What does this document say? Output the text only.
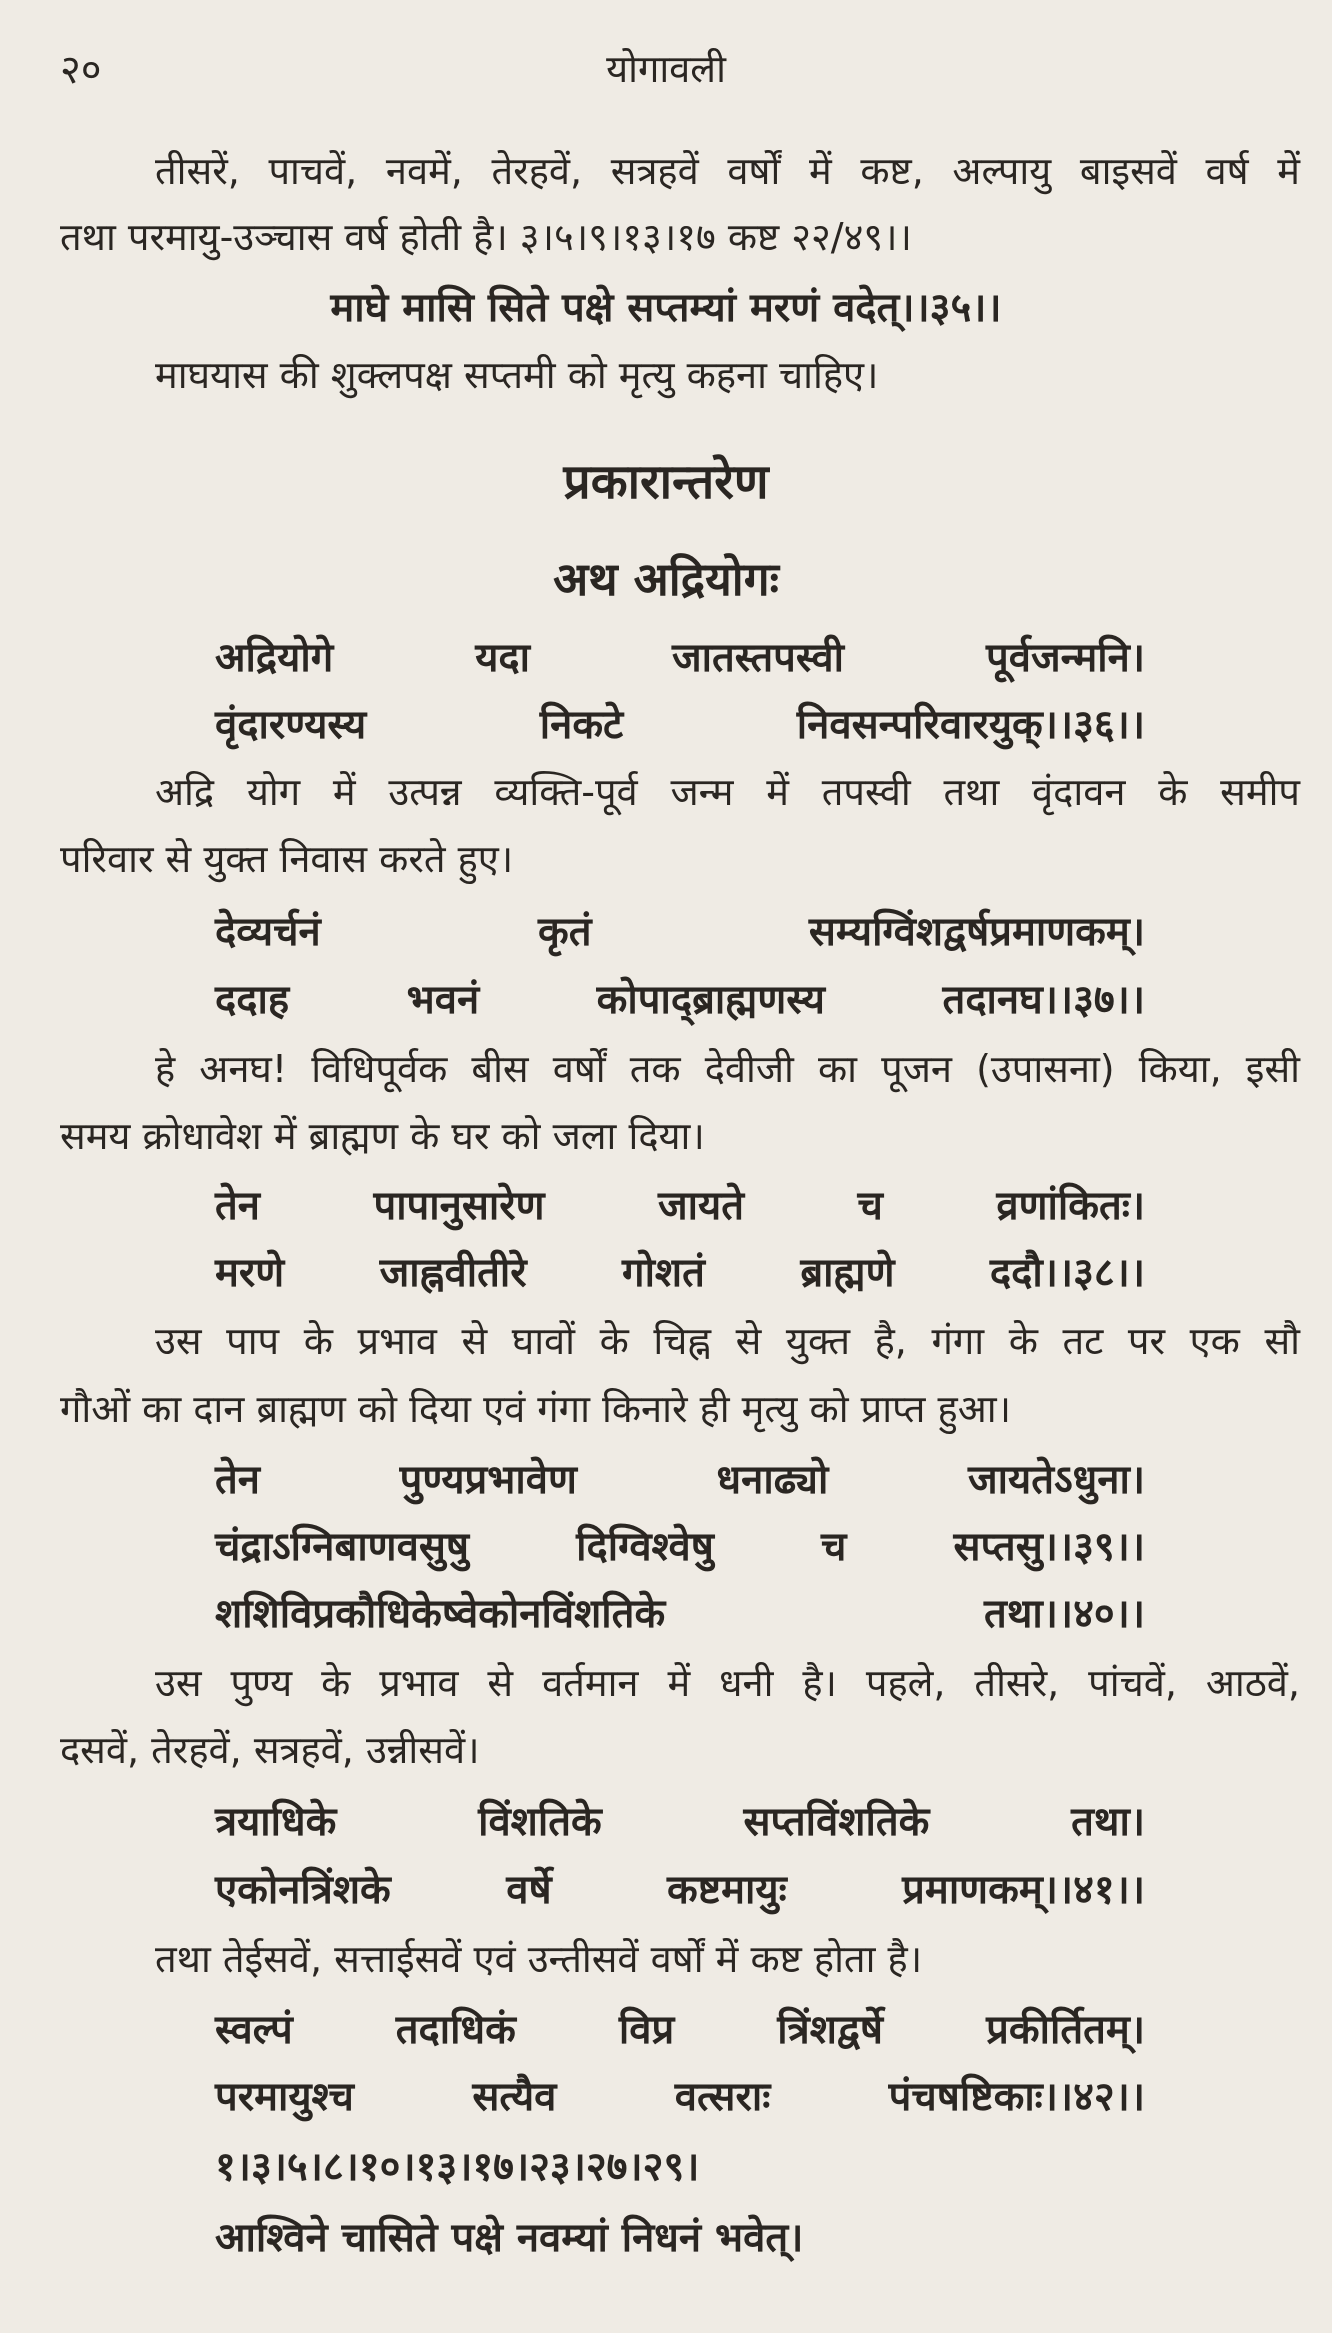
२०	योगावली
तीसरें, पाचवें, नवमें, तेरहवें, सत्रहवें वर्षों में कष्ट, अल्पायु बाइसवें वर्ष में
तथा परमायु-उञ्चास वर्ष होती है। ३।५।९।१३।१७ कष्ट २२/४९।।
माघे मासि सिते पक्षे सप्तम्यां मरणं वदेत्।।३५।।
माघयास की शुक्लपक्ष सप्तमी को मृत्यु कहना चाहिए।
प्रकारान्तरेण
अथ अद्रियोगः
अद्रियोगे यदा जातस्तपस्वी पूर्वजन्मनि।
वृंदारण्यस्य निकटे निवसन्परिवारयुक्।।३६।।
अद्रि योग में उत्पन्न व्यक्ति-पूर्व जन्म में तपस्वी तथा वृंदावन के समीप
परिवार से युक्त निवास करते हुए।
देव्यर्चनं कृतं सम्यग्विंशद्वर्षप्रमाणकम्।
ददाह भवनं कोपाद्ब्राह्मणस्य तदानघ।।३७।।
हे अनघ! विधिपूर्वक बीस वर्षों तक देवीजी का पूजन (उपासना) किया, इसी
समय क्रोधावेश में ब्राह्मण के घर को जला दिया।
तेन पापानुसारेण जायते च व्रणांकितः।
मरणे जाह्नवीतीरे गोशतं ब्राह्मणे ददौ।।३८।।
उस पाप के प्रभाव से घावों के चिह्न से युक्त है, गंगा के तट पर एक सौ
गौओं का दान ब्राह्मण को दिया एवं गंगा किनारे ही मृत्यु को प्राप्त हुआ।
तेन पुण्यप्रभावेण धनाढ्यो जायतेऽधुना।
चंद्राऽग्निबाणवसुषु दिग्विश्वेषु च सप्तसु।।३९।।
शशिविप्रकौधिकेष्वेकोनविंशतिके तथा।।४०।।
उस पुण्य के प्रभाव से वर्तमान में धनी है। पहले, तीसरे, पांचवें, आठवें,
दसवें, तेरहवें, सत्रहवें, उन्नीसवें।
त्रयाधिके विंशतिके सप्तविंशतिके तथा।
एकोनत्रिंशके वर्षे कष्टमायुः प्रमाणकम्।।४१।।
तथा तेईसवें, सत्ताईसवें एवं उन्तीसवें वर्षों में कष्ट होता है।
स्वल्पं तदाधिकं विप्र त्रिंशद्वर्षे प्रकीर्तितम्।
परमायुश्च सत्यैव वत्सराः पंचषष्टिकाः।।४२।।
१।३।५।८।१०।१३।१७।२३।२७।२९।
आश्विने चासिते पक्षे नवम्यां निधनं भवेत्।
